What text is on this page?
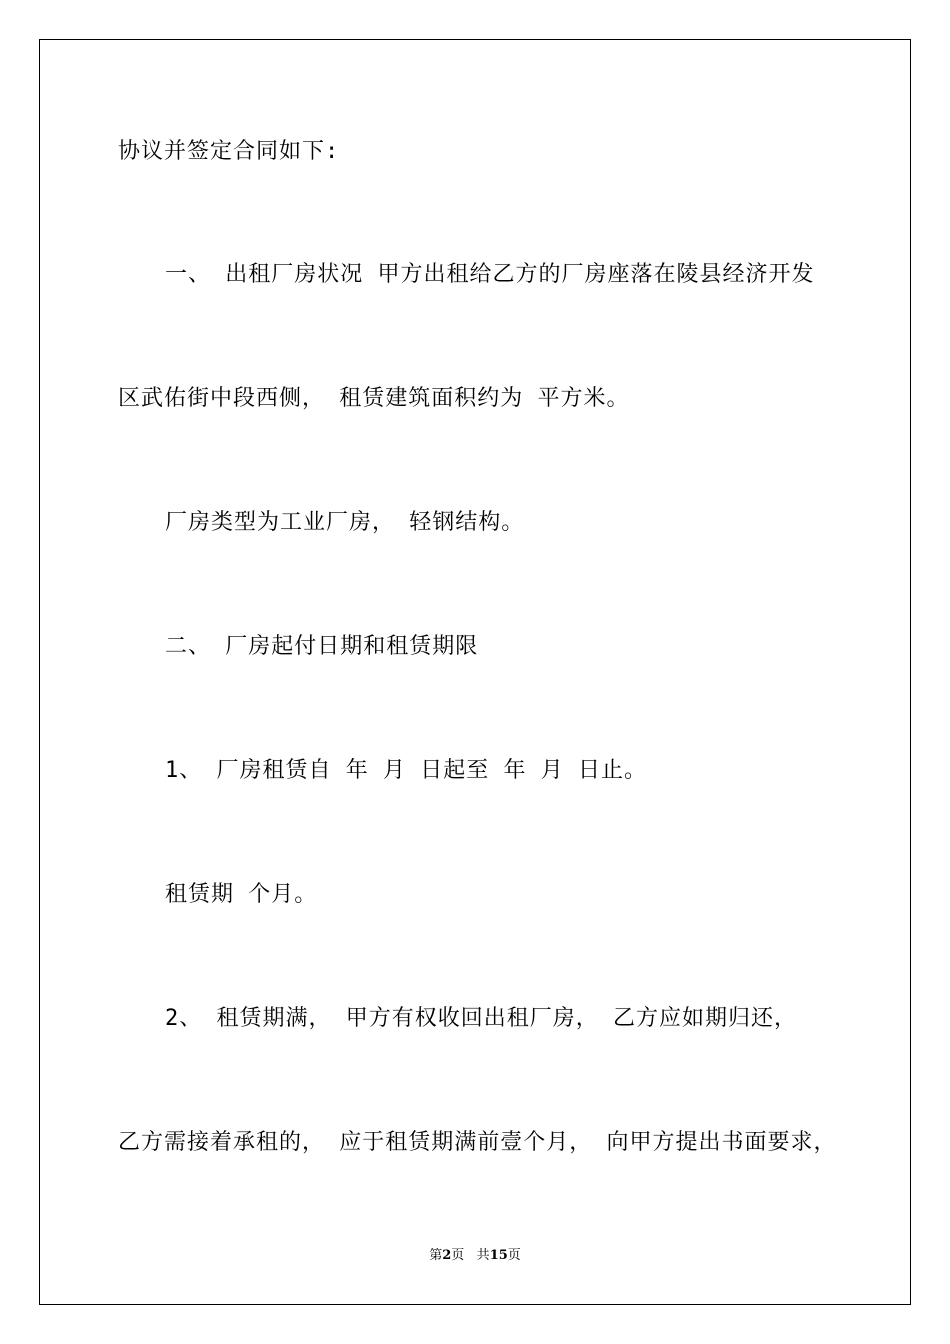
协议并签定合同如下:
一、 出租厂房状况 甲方出租给乙方的厂房座落在陵县经济开发
区武佑街中段西侧， 租赁建筑面积约为 平方米。
厂房类型为工业厂房， 轻钢结构。
二、 厂房起付日期和租赁期限
1、 厂房租赁自 年 月 日起至 年 月 日止。
租赁期 个月。
2、 租赁期满， 甲方有权收回出租厂房， 乙方应如期归还，
乙方需接着承租的， 应于租赁期满前壹个月， 向甲方提出书面要求，
第2页 共15页
